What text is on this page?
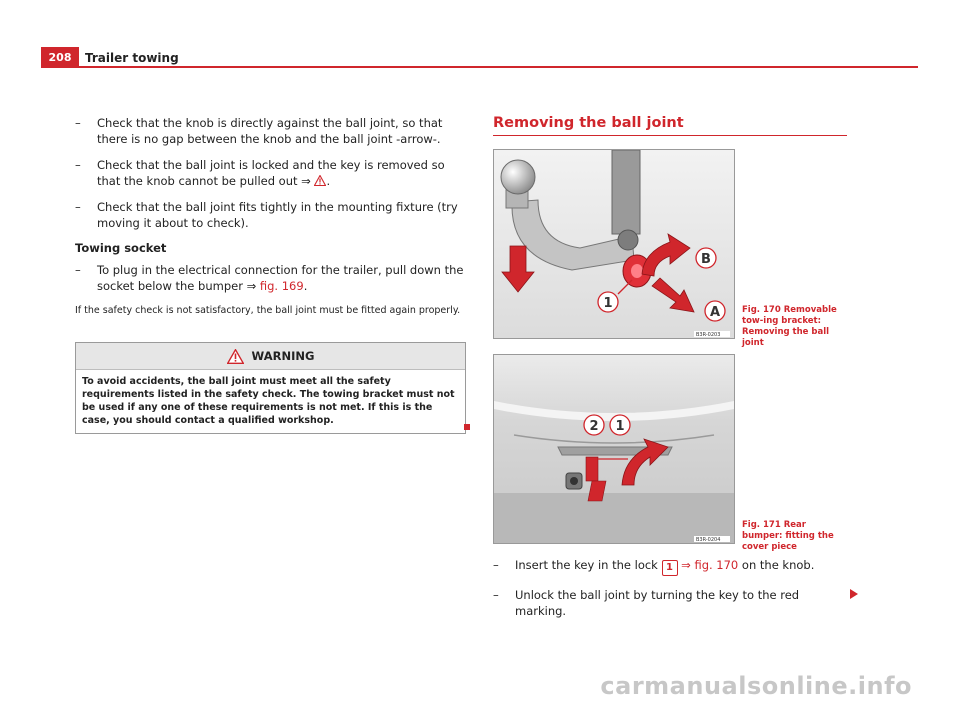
208	Trailer towing
– Check that the knob is directly against the ball joint, so that there is no gap between the knob and the ball joint -arrow-.
– Check that the ball joint is locked and the key is removed so that the knob cannot be pulled out ⇒ .
– Check that the ball joint fits tightly in the mounting fixture (try moving it about to check).
Towing socket
– To plug in the electrical connection for the trailer, pull down the socket below the bumper ⇒ fig. 169.
If the safety check is not satisfactory, the ball joint must be fitted again properly.
WARNING
To avoid accidents, the ball joint must meet all the safety requirements listed in the safety check. The towing bracket must not be used if any one of these requirements is not met. If this is the case, you should contact a qualified workshop.
Removing the ball joint
B
1
A
B3R-0203
Fig. 170 Removable tow-ing bracket: Removing the ball joint
2 1
B3R-0204
Fig. 171 Rear bumper: fitting the cover piece
– Insert the key in the lock 1 ⇒ fig. 170 on the knob.
– Unlock the ball joint by turning the key to the red marking.
carmanualsonline.info
